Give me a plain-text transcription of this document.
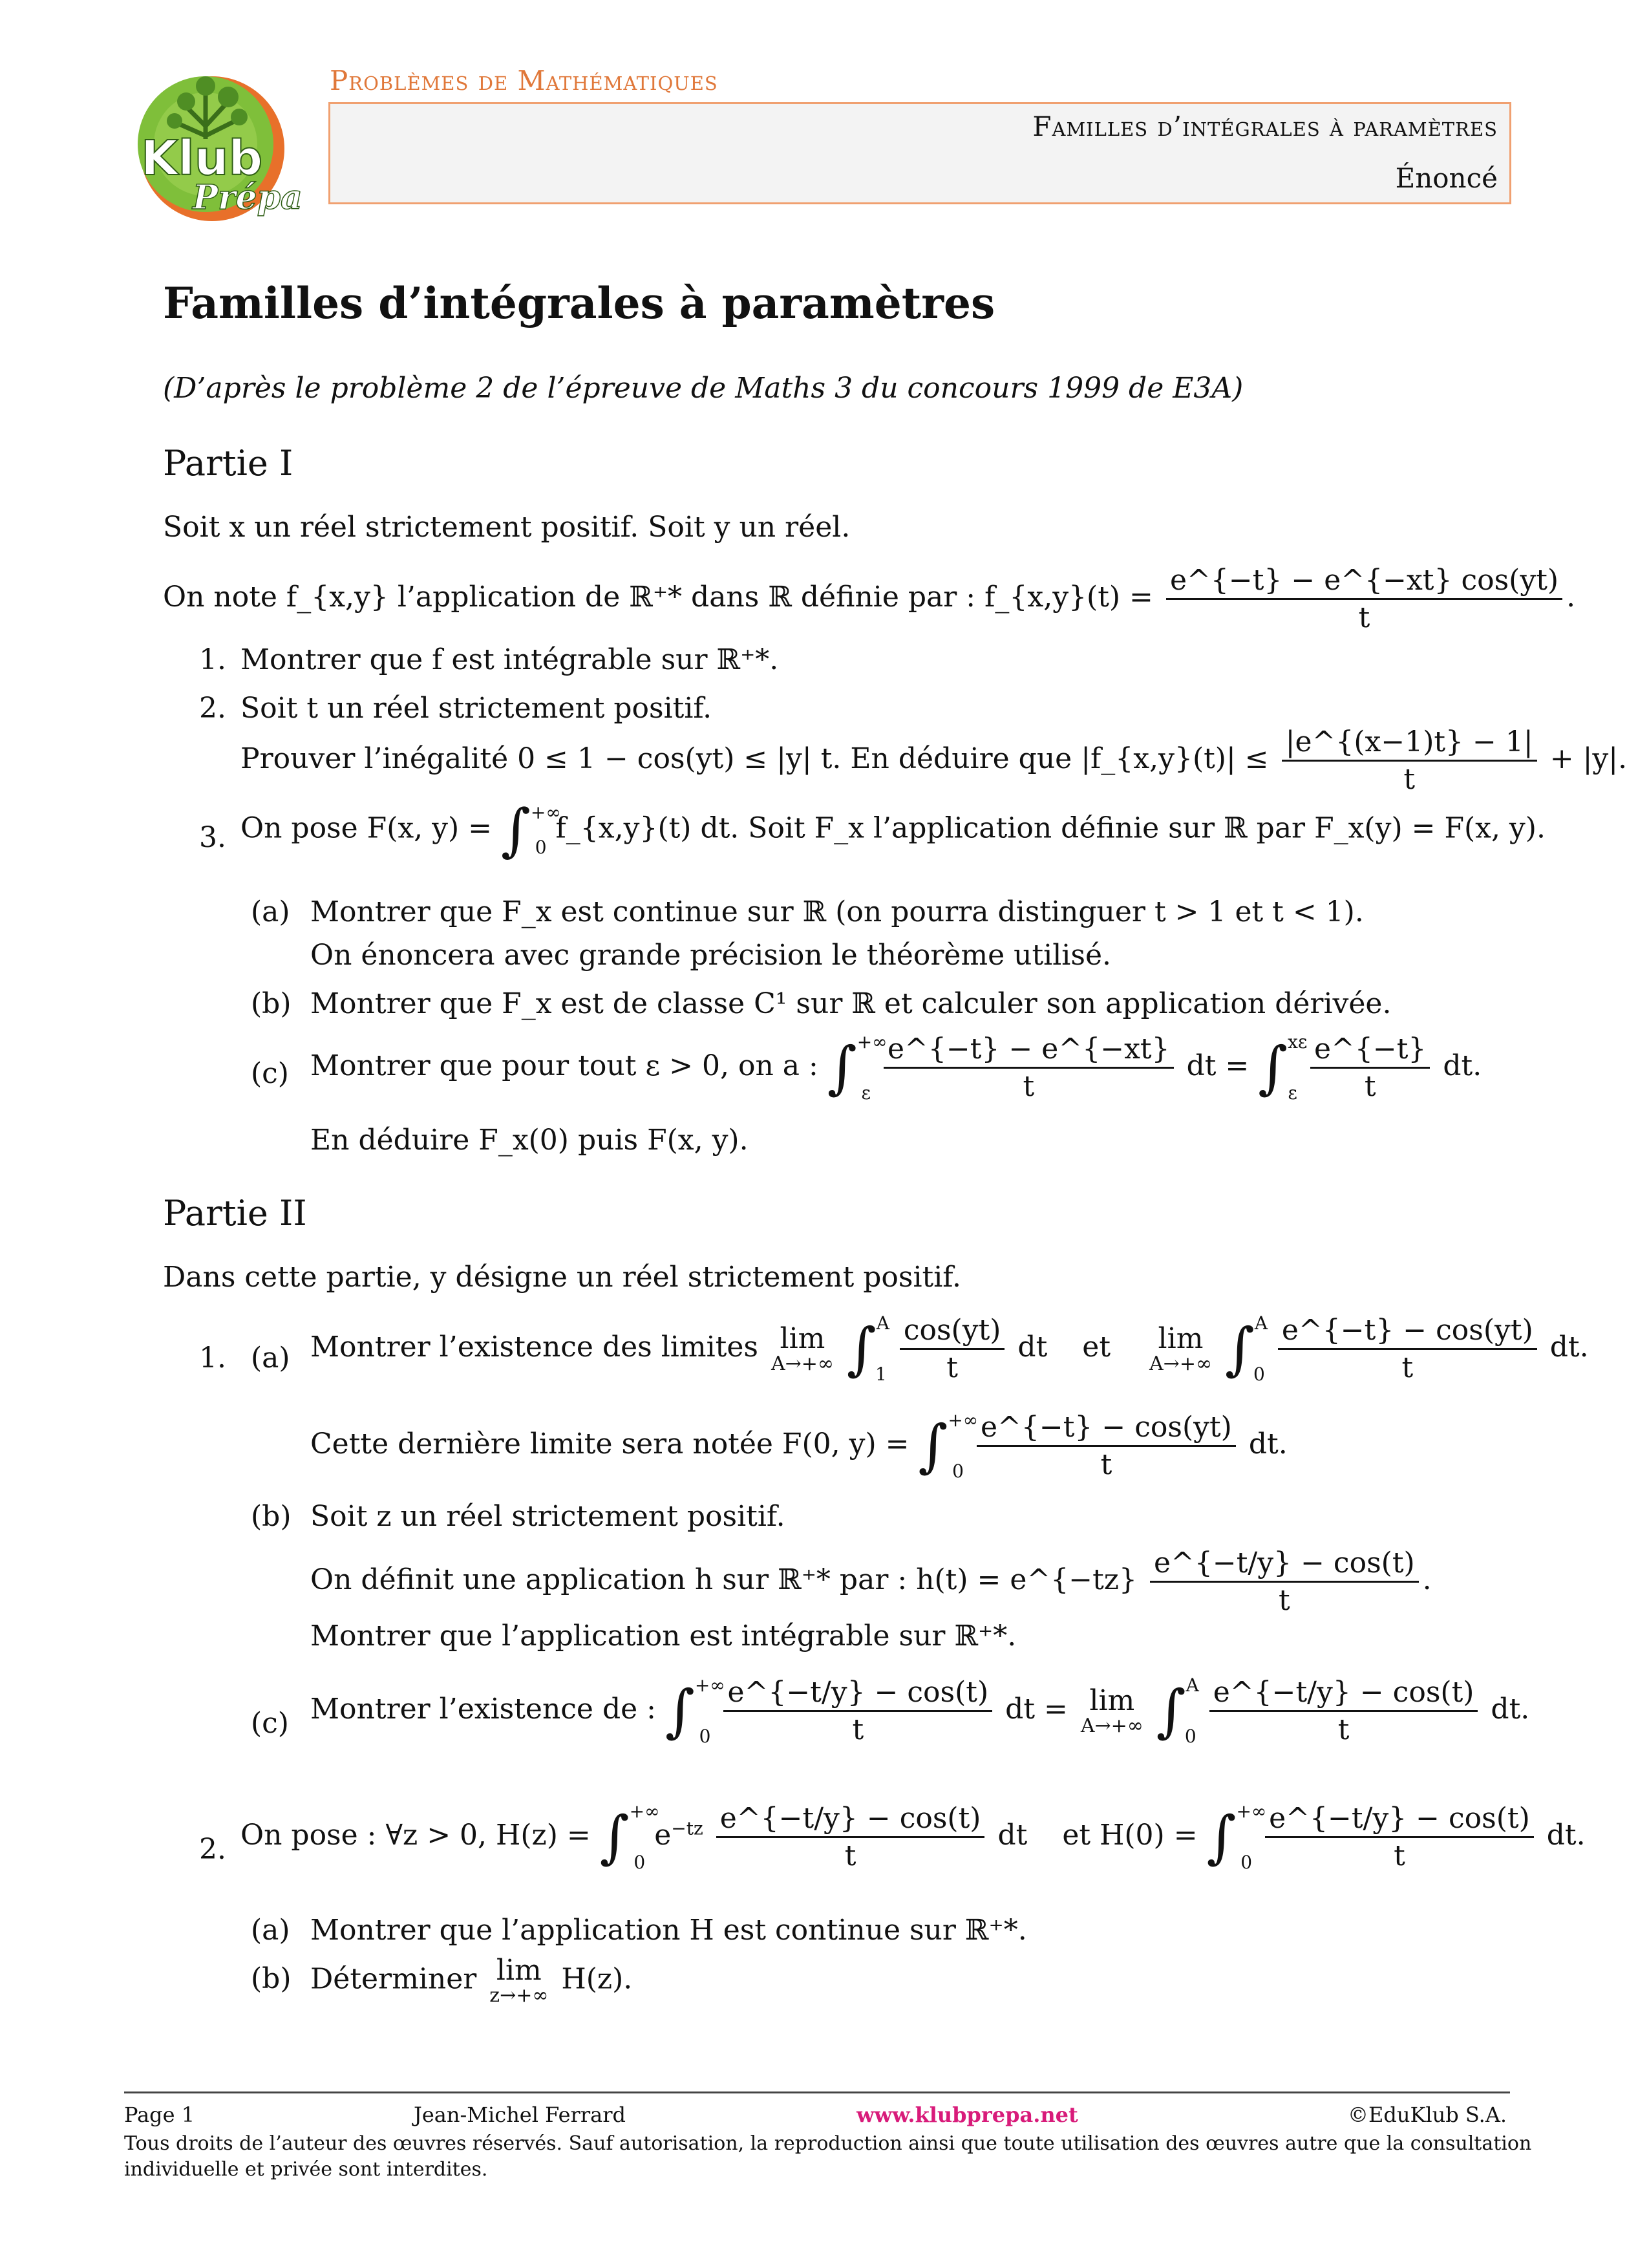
Klub
Prépa
Problèmes de Mathématiques
Familles d’intégrales à paramètres
Énoncé
Familles d’intégrales à paramètres
(D’après le problème 2 de l’épreuve de Maths 3 du concours 1999 de E3A)
Partie I
Soit x un réel strictement positif. Soit y un réel.
On note f_{x,y} l’application de ℝ⁺* dans ℝ définie par : f_{x,y}(t) = $\frac{e\^{}\{-t\} - e\^{}\{-xt\} \cos(yt)}{t}$ .
1. Montrer que f est intégrable sur ℝ⁺*.
2. Soit t un réel strictement positif.
Prouver l’inégalité 0 ≤ 1 − cos(yt) ≤ |y| t. En déduire que |f_{x,y}(t)| ≤ $\frac{|e\^{}\{(x-1)t\} - 1|}{t} + |y|$.
3. On pose F(x, y) = ∫+∞0 f_{x,y}(t) dt. Soit F_x l’application définie sur ℝ par F_x(y) = F(x, y).
(a) Montrer que F_x est continue sur ℝ (on pourra distinguer t > 1 et t < 1).
On énoncera avec grande précision le théorème utilisé.
(b) Montrer que F_x est de classe C¹ sur ℝ et calculer son application dérivée.
(c) Montrer que pour tout ε > 0, on a : $\int^{+\infty}\varepsilon \frac{e\^{}\{-t\} - e\^{}\{-xt\}}{t}$ dt = $\int^{x\varepsilon}\varepsilon \frac{e\^{}\{-t\}}{t}$ dt.
En déduire F_x(0) puis F(x, y).
Partie II
Dans cette partie, y désigne un réel strictement positif.
1. (a) Montrer l’existence des limites lim
A→+∞ $\int^A1 \frac{\cos(yt)}{t}$ dt et lim
A→+∞ $\int^A0 \frac{e\^{}\{-t\} - \cos(yt)}{t}$ dt.
Cette dernière limite sera notée F(0, $y) = \int^{+\infty}0 \frac{e\^{}\{-t\} - \cos(yt)}{t}$ dt.
(b) Soit z un réel strictement positif.
On définit une application h sur ℝ⁺* par : h(t) = e^{−tz} $\frac{e\^{}\{-t/y\} - \cos(t)}{t}$ .
Montrer que l’application est intégrable sur ℝ⁺*.
(c) Montrer l’existence de : $\int^{+\infty}0 \frac{e\^{}\{-t/y\} - \cos(t)}{t}$ dt = lim
A→+∞ $\int^A0 \frac{e\^{}\{-t/y\} - \cos(t)}{t}$ dt.
2. On pose : ∀z > 0, H(z) = ∫+∞0 $e^{-tz} \frac{e\^{}\{-t/y\} - \cos(t)}{t}$ dt et $H(0) = \int^{+\infty}0 \frac{e\^{}\{-t/y\} - \cos(t)}{t}$ dt.
(a) Montrer que l’application H est continue sur ℝ⁺*.
(b) Déterminer lim
z→+∞
H(z).
Page 1	Jean-Michel Ferrard	www.klubprepa.net	©EduKlub S.A.
Tous droits de l’auteur des œuvres réservés. Sauf autorisation, la reproduction ainsi que toute utilisation des œuvres autre que la consultation
individuelle et privée sont interdites.
